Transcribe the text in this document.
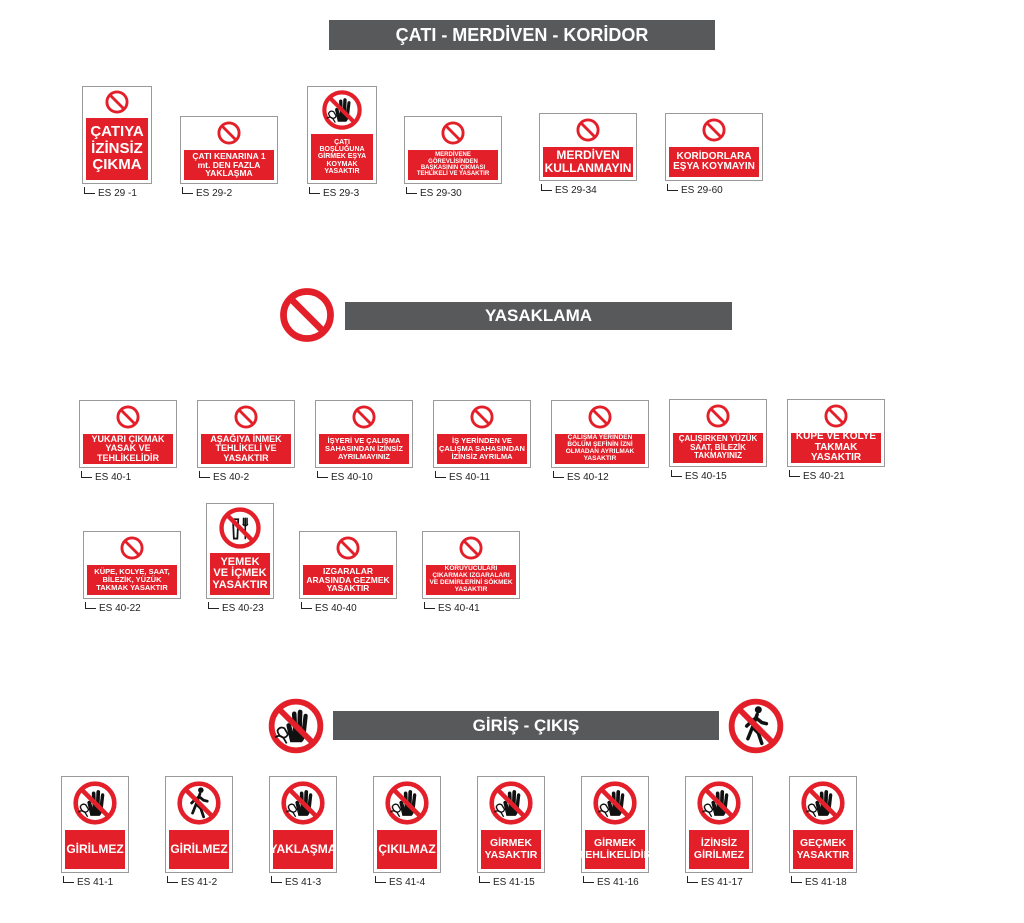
ÇATI - MERDİVEN - KORİDOR
ÇATIYA İZİNSİZ ÇIKMA
ES 29 -1
ÇATI KENARINA 1 mt. DEN FAZLA YAKLAŞMA
ES 29-2
ÇATI BOŞLUĞUNA GİRMEK EŞYA KOYMAK YASAKTIR
ES 29-3
MERDİVENE GÖREVLİSİNDEN BAŞKASININ ÇIKMASI TEHLİKELİ VE YASAKTIR
ES 29-30
MERDİVEN KULLANMAYIN
ES 29-34
KORİDORLARA EŞYA KOYMAYIN
ES 29-60
YASAKLAMA
YUKARI ÇIKMAK YASAK VE TEHLİKELİDİR
ES 40-1
AŞAĞIYA İNMEK TEHLİKELİ VE YASAKTIR
ES 40-2
İŞYERİ VE ÇALIŞMA SAHASINDAN İZİNSİZ AYRILMAYINIZ
ES 40-10
İŞ YERİNDEN VE ÇALIŞMA SAHASINDAN İZİNSİZ AYRILMA
ES 40-11
ÇALIŞMA YERİNDEN BÖLÜM ŞEFİNİN İZNİ OLMADAN AYRILMAK YASAKTIR
ES 40-12
ÇALIŞIRKEN YÜZÜK SAAT, BİLEZİK TAKMAYINIZ
ES 40-15
KÜPE VE KOLYE TAKMAK YASAKTIR
ES 40-21
KÜPE, KOLYE, SAAT, BİLEZİK, YÜZÜK TAKMAK YASAKTIR
ES 40-22
YEMEK VE İÇMEK YASAKTIR
ES 40-23
IZGARALAR ARASINDA GEZMEK YASAKTIR
ES 40-40
KORUYUCULARI ÇIKARMAK IZGARALARI VE DEMİRLERİNİ SÖKMEK YASAKTIR
ES 40-41
GİRİŞ - ÇIKIŞ
GİRİLMEZ
ES 41-1
GİRİLMEZ
ES 41-2
YAKLAŞMA
ES 41-3
ÇIKILMAZ
ES 41-4
GİRMEK YASAKTIR
ES 41-15
GİRMEK TEHLİKELİDİR
ES 41-16
İZİNSİZ GİRİLMEZ
ES 41-17
GEÇMEK YASAKTIR
ES 41-18
